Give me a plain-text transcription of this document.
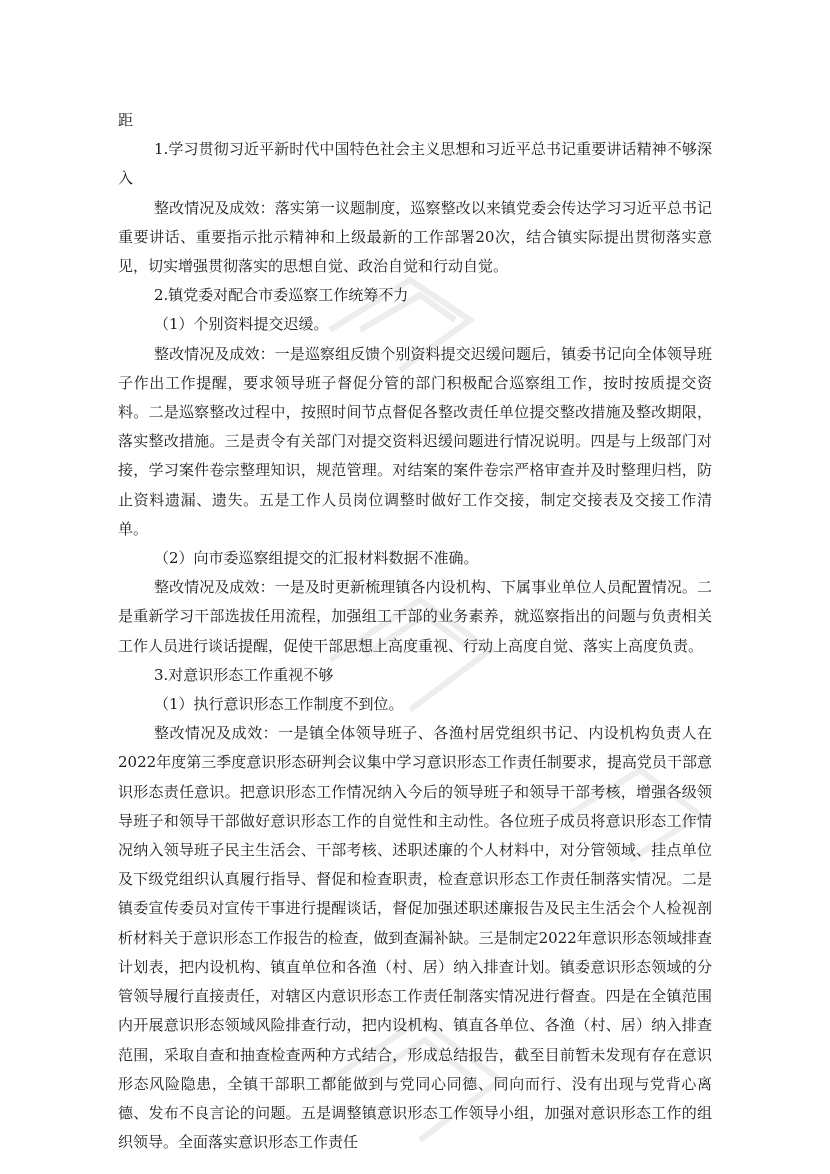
距

1.学习贯彻习近平新时代中国特色社会主义思想和习近平总书记重要讲话精神不够深入

整改情况及成效：落实第一议题制度，巡察整改以来镇党委会传达学习习近平总书记重要讲话、重要指示批示精神和上级最新的工作部署20次，结合镇实际提出贯彻落实意见，切实增强贯彻落实的思想自觉、政治自觉和行动自觉。

2.镇党委对配合市委巡察工作统筹不力

（1）个别资料提交迟缓。

整改情况及成效：一是巡察组反馈个别资料提交迟缓问题后，镇委书记向全体领导班子作出工作提醒，要求领导班子督促分管的部门积极配合巡察组工作，按时按质提交资料。二是巡察整改过程中，按照时间节点督促各整改责任单位提交整改措施及整改期限，落实整改措施。三是责令有关部门对提交资料迟缓问题进行情况说明。四是与上级部门对接，学习案件卷宗整理知识，规范管理。对结案的案件卷宗严格审查并及时整理归档，防止资料遗漏、遗失。五是工作人员岗位调整时做好工作交接，制定交接表及交接工作清单。

（2）向市委巡察组提交的汇报材料数据不准确。

整改情况及成效：一是及时更新梳理镇各内设机构、下属事业单位人员配置情况。二是重新学习干部选拔任用流程，加强组工干部的业务素养，就巡察指出的问题与负责相关工作人员进行谈话提醒，促使干部思想上高度重视、行动上高度自觉、落实上高度负责。

3.对意识形态工作重视不够

（1）执行意识形态工作制度不到位。

整改情况及成效：一是镇全体领导班子、各渔村居党组织书记、内设机构负责人在2022年度第三季度意识形态研判会议集中学习意识形态工作责任制要求，提高党员干部意识形态责任意识。把意识形态工作情况纳入今后的领导班子和领导干部考核，增强各级领导班子和领导干部做好意识形态工作的自觉性和主动性。各位班子成员将意识形态工作情况纳入领导班子民主生活会、干部考核、述职述廉的个人材料中，对分管领域、挂点单位及下级党组织认真履行指导、督促和检查职责，检查意识形态工作责任制落实情况。二是镇委宣传委员对宣传干事进行提醒谈话，督促加强述职述廉报告及民主生活会个人检视剖析材料关于意识形态工作报告的检查，做到查漏补缺。三是制定2022年意识形态领域排查计划表，把内设机构、镇直单位和各渔（村、居）纳入排查计划。镇委意识形态领域的分管领导履行直接责任，对辖区内意识形态工作责任制落实情况进行督查。四是在全镇范围内开展意识形态领域风险排查行动，把内设机构、镇直各单位、各渔（村、居）纳入排查范围，采取自查和抽查检查两种方式结合，形成总结报告，截至目前暂未发现有存在意识形态风险隐患，全镇干部职工都能做到与党同心同德、同向而行、没有出现与党背心离德、发布不良言论的问题。五是调整镇意识形态工作领导小组，加强对意识形态工作的组织领导。全面落实意识形态工作责任
